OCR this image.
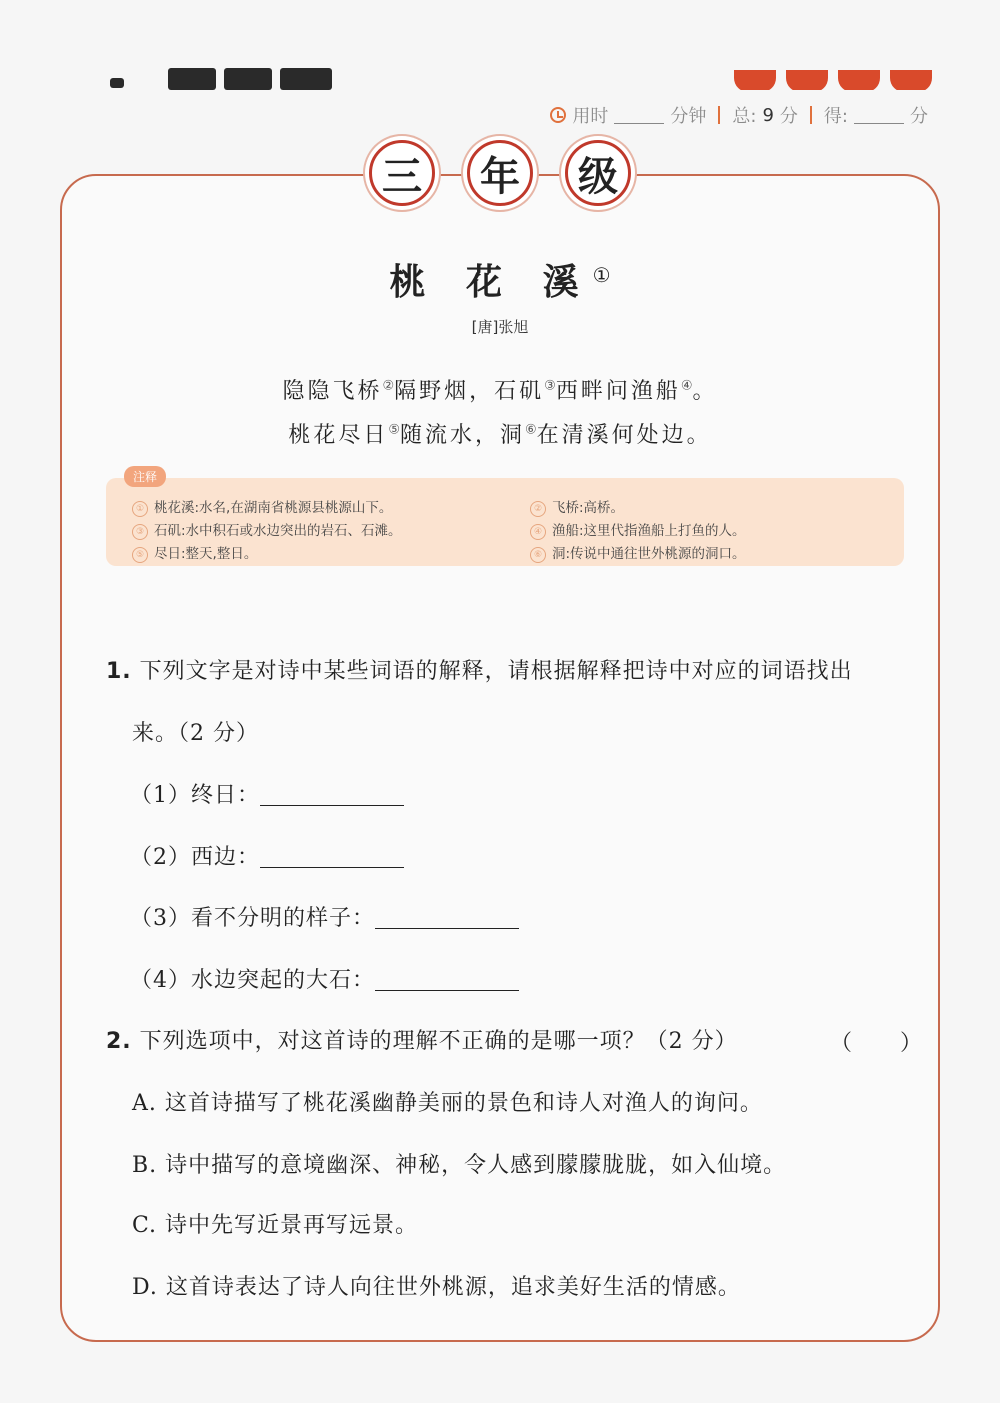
用时	分钟 总: 9 分 得:	分
三	年	级
桃 花 溪①
[唐]张旭
隐隐飞桥②隔野烟，石矶③西畔问渔船④。
桃花尽日⑤随流水，洞⑥在清溪何处边。
注释
① 桃花溪:水名,在湖南省桃源县桃源山下。	② 飞桥:高桥。
③ 石矶:水中积石或水边突出的岩石、石滩。	④ 渔船:这里代指渔船上打鱼的人。
⑤ 尽日:整天,整日。	⑥ 洞:传说中通往世外桃源的洞口。
1. 下列文字是对诗中某些词语的解释，请根据解释把诗中对应的词语找出
来。（2 分）
（1）终日：
（2）西边：
（3）看不分明的样子：
（4）水边突起的大石：
2. 下列选项中，对这首诗的理解不正确的是哪一项？（2 分）	（）
A. 这首诗描写了桃花溪幽静美丽的景色和诗人对渔人的询问。
B. 诗中描写的意境幽深、神秘，令人感到朦朦胧胧，如入仙境。
C. 诗中先写近景再写远景。
D. 这首诗表达了诗人向往世外桃源，追求美好生活的情感。
